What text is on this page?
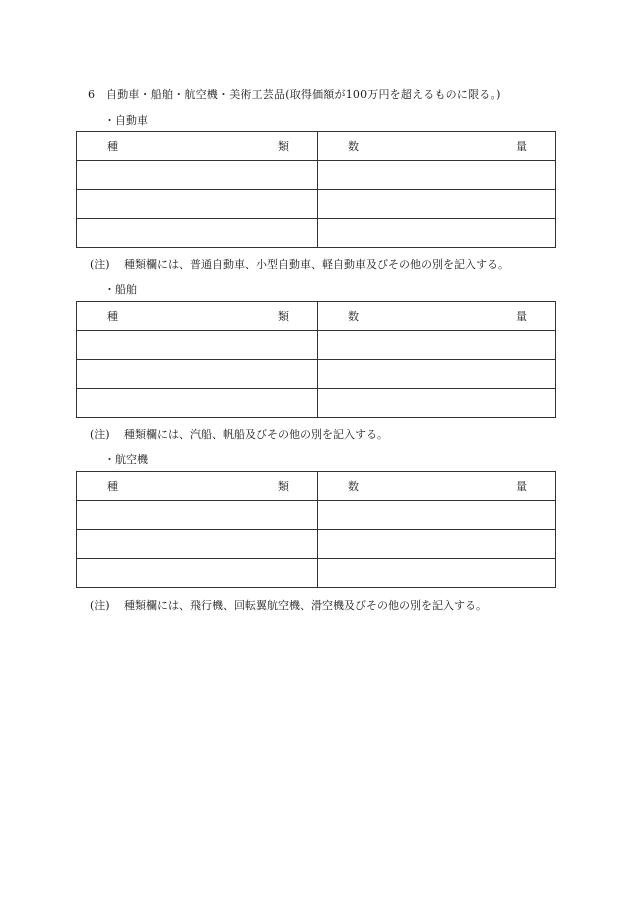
6 自動車・船舶・航空機・美術工芸品(取得価額が100万円を超えるものに限る。)
・自動車
種 類	数 量

(注) 種類欄には、普通自動車、小型自動車、軽自動車及びその他の別を記入する。
・船舶
種 類	数 量

(注) 種類欄には、汽船、帆船及びその他の別を記入する。
・航空機
種 類	数 量

(注) 種類欄には、飛行機、回転翼航空機、滑空機及びその他の別を記入する。
